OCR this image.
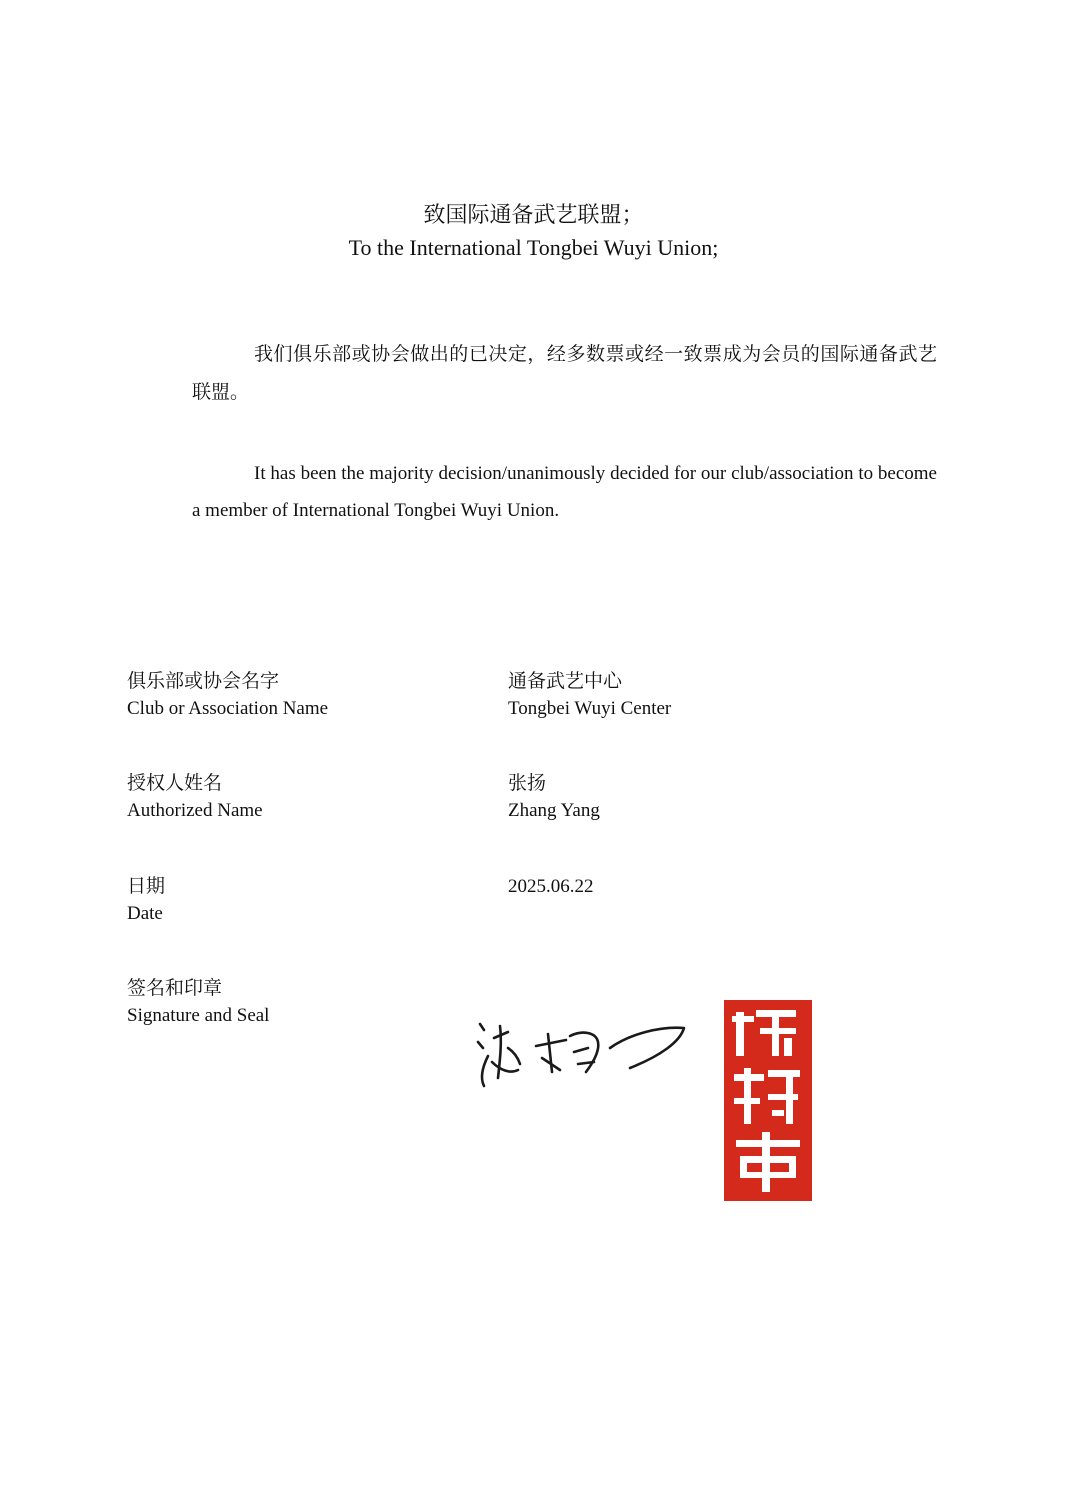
致国际通备武艺联盟；
To the International Tongbei Wuyi Union;
我们俱乐部或协会做出的已决定，经多数票或经一致票成为会员的国际通备武艺联盟。
It has been the majority decision/unanimously decided for our club/association to become a member of International Tongbei Wuyi Union.
俱乐部或协会名字
Club or Association Name
通备武艺中心
Tongbei Wuyi Center
授权人姓名
Authorized Name
张扬
Zhang Yang
日期
Date
2025.06.22
签名和印章
Signature and Seal
